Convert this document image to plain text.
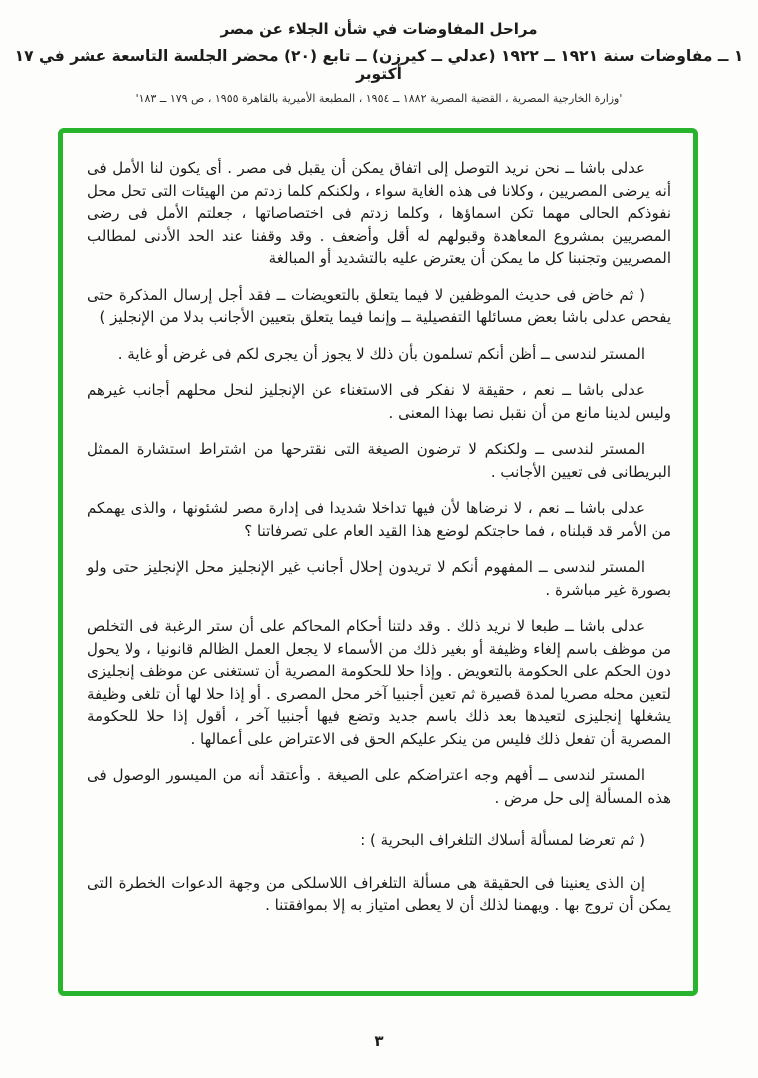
مراحل المفاوضات في شأن الجلاء عن مصر
١ ــ مفاوضات سنة ١٩٢١ ــ ١٩٢٢ (عدلي ــ كيرزن) ــ تابع (٢٠) محضر الجلسة التاسعة عشر في ١٧ أكتوبر
'وزارة الخارجية المصرية ، القضية المصرية ١٨٨٢ ــ ١٩٥٤ ، المطبعة الأميرية بالقاهرة ١٩٥٥ ، ص ١٧٩ ــ ١٨٣'

عدلى باشا ــ نحن نريد التوصل إلى اتفاق يمكن أن يقبل فى مصر . أى يكون لنا الأمل فى أنه يرضى المصريين ، وكلانا فى هذه الغاية سواء ، ولكنكم كلما زدتم من الهيئات التى تحل محل نفوذكم الحالى مهما تكن اسماؤها ، وكلما زدتم فى اختصاصاتها ، جعلتم الأمل فى رضى المصريين بمشروع المعاهدة وقبولهم له أقل وأضعف . وقد وقفنا عند الحد الأدنى لمطالب المصريين وتجنبنا كل ما يمكن أن يعترض عليه بالتشديد أو المبالغة

( ثم خاض فى حديث الموظفين لا فيما يتعلق بالتعويضات ــ فقد أجل إرسال المذكرة حتى يفحص عدلى باشا بعض مسائلها التفصيلية ــ وإنما فيما يتعلق بتعيين الأجانب بدلا من الإنجليز )

المستر لندسى ــ أظن أنكم تسلمون بأن ذلك لا يجوز أن يجرى لكم فى غرض أو غاية .

عدلى باشا ــ نعم ، حقيقة لا نفكر فى الاستغناء عن الإنجليز لنحل محلهم أجانب غيرهم وليس لدينا مانع من أن نقبل نصا بهذا المعنى .

المستر لندسى ــ ولكنكم لا ترضون الصيغة التى نقترحها من اشتراط استشارة الممثل البريطانى فى تعيين الأجانب .

عدلى باشا ــ نعم ، لا نرضاها لأن فيها تداخلا شديدا فى إدارة مصر لشئونها ، والذى يهمكم من الأمر قد قبلناه ، فما حاجتكم لوضع هذا القيد العام على تصرفاتنا ؟

المستر لندسى ــ المفهوم أنكم لا تريدون إحلال أجانب غير الإنجليز محل الإنجليز حتى ولو بصورة غير مباشرة .

عدلى باشا ــ طبعا لا نريد ذلك . وقد دلتنا أحكام المحاكم على أن ستر الرغبة فى التخلص من موظف باسم إلغاء وظيفة أو بغير ذلك من الأسماء لا يجعل العمل الظالم قانونيا ، ولا يحول دون الحكم على الحكومة بالتعويض . وإذا حلا للحكومة المصرية أن تستغنى عن موظف إنجليزى لتعين محله مصريا لمدة قصيرة ثم تعين أجنبيا آخر محل المصرى . أو إذا حلا لها أن تلغى وظيفة يشغلها إنجليزى لتعيدها بعد ذلك باسم جديد وتضع فيها أجنبيا آخر ، أقول إذا حلا للحكومة المصرية أن تفعل ذلك فليس من ينكر عليكم الحق فى الاعتراض على أعمالها .

المستر لندسى ــ أفهم وجه اعتراضكم على الصيغة . وأعتقد أنه من الميسور الوصول فى هذه المسألة إلى حل مرض .

( ثم تعرضا لمسألة أسلاك التلغراف البحرية ) :

إن الذى يعنينا فى الحقيقة هى مسألة التلغراف اللاسلكى من وجهة الدعوات الخطرة التى يمكن أن تروج بها . ويهمنا لذلك أن لا يعطى امتياز به إلا بموافقتنا .

٣
